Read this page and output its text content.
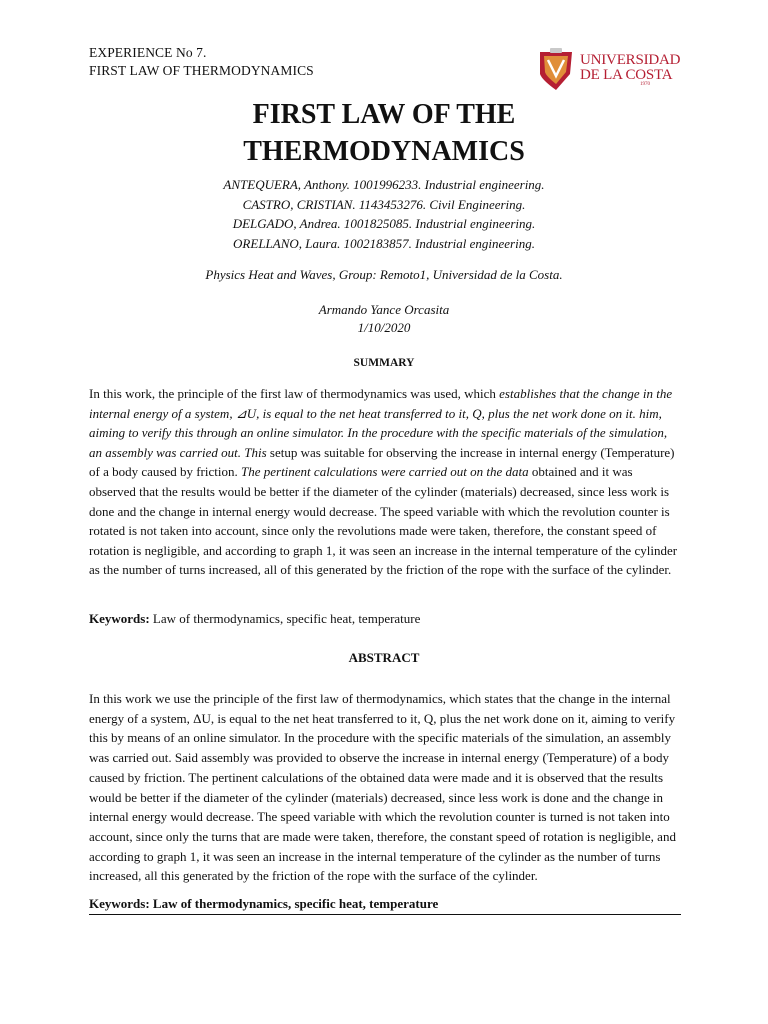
EXPERIENCE No 7.
FIRST LAW OF THERMODYNAMICS
UNIVERSIDAD
DE LA COSTA
1970
FIRST LAW OF THE
THERMODYNAMICS
ANTEQUERA, Anthony. 1001996233. Industrial engineering.
CASTRO, CRISTIAN. 1143453276. Civil Engineering.
DELGADO, Andrea. 1001825085. Industrial engineering.
ORELLANO, Laura. 1002183857. Industrial engineering.
Physics Heat and Waves, Group: Remoto1, Universidad de la Costa.
Armando Yance Orcasita
1/10/2020
SUMMARY
In this work, the principle of the first law of thermodynamics was used, which establishes that the change in the internal energy of a system, ⊿U, is equal to the net heat transferred to it, Q, plus the net work done on it. him, aiming to verify this through an online simulator. In the procedure with the specific materials of the simulation, an assembly was carried out. This setup was suitable for observing the increase in internal energy (Temperature) of a body caused by friction. The pertinent calculations were carried out on the data obtained and it was observed that the results would be better if the diameter of the cylinder (materials) decreased, since less work is done and the change in internal energy would decrease. The speed variable with which the revolution counter is rotated is not taken into account, since only the revolutions made were taken, therefore, the constant speed of rotation is negligible, and according to graph 1, it was seen an increase in the internal temperature of the cylinder as the number of turns increased, all of this generated by the friction of the rope with the surface of the cylinder.
Keywords: Law of thermodynamics, specific heat, temperature
ABSTRACT
In this work we use the principle of the first law of thermodynamics, which states that the change in the internal energy of a system, ΔU, is equal to the net heat transferred to it, Q, plus the net work done on it, aiming to verify this by means of an online simulator. In the procedure with the specific materials of the simulation, an assembly was carried out. Said assembly was provided to observe the increase in internal energy (Temperature) of a body caused by friction. The pertinent calculations of the obtained data were made and it is observed that the results would be better if the diameter of the cylinder (materials) decreased, since less work is done and the change in internal energy would decrease. The speed variable with which the revolution counter is turned is not taken into account, since only the turns that are made were taken, therefore, the constant speed of rotation is negligible, and according to graph 1, it was seen an increase in the internal temperature of the cylinder as the number of turns increased, all this generated by the friction of the rope with the surface of the cylinder.
Keywords: Law of thermodynamics, specific heat, temperature
